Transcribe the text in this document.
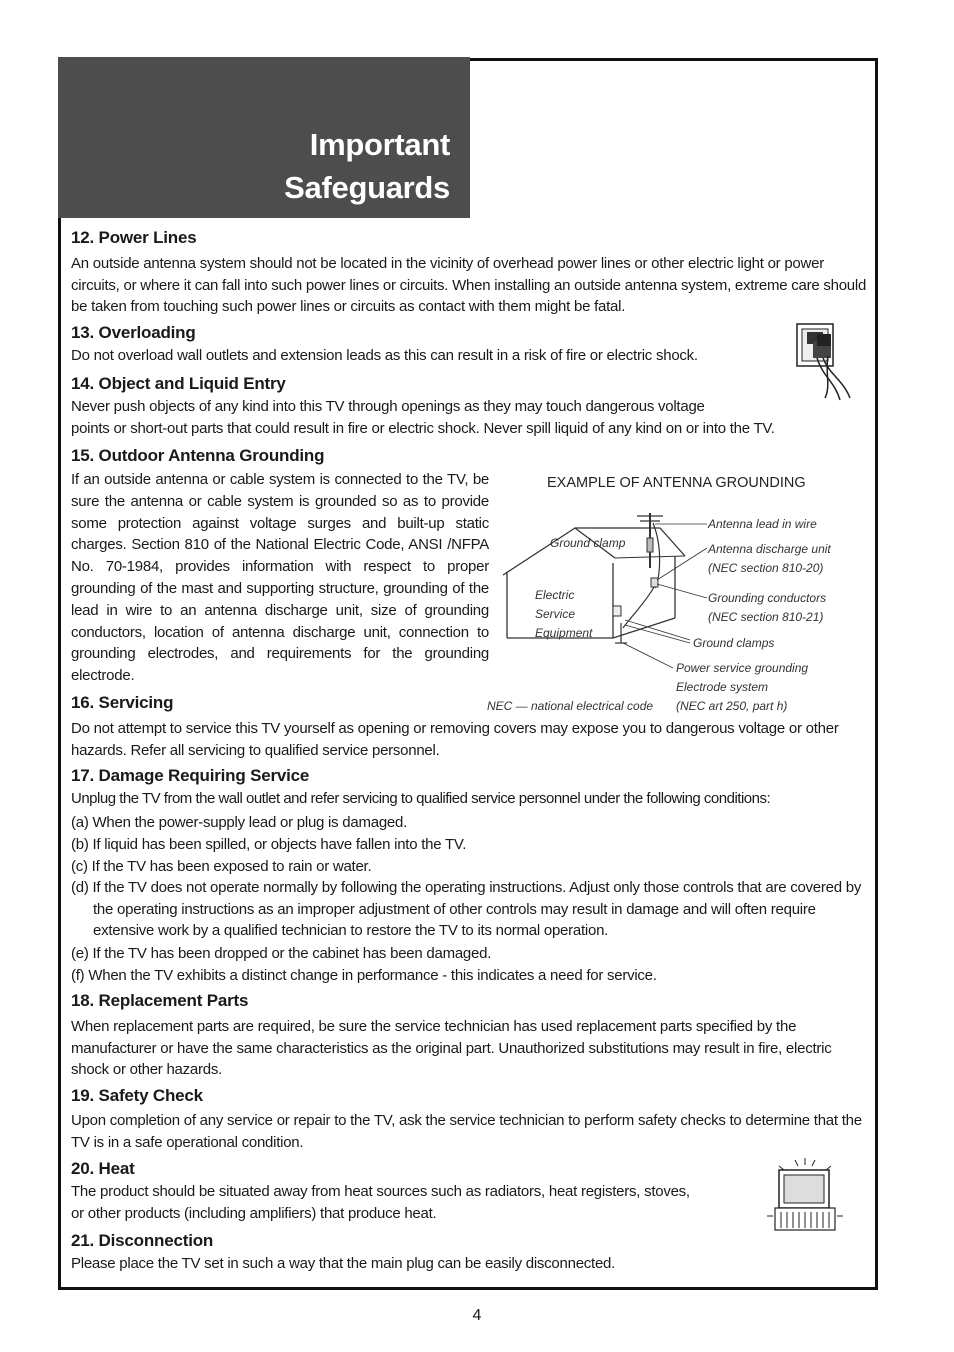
Important
Safeguards

12. Power Lines

An outside antenna system should not be located in the vicinity of overhead power lines or other electric light or power circuits, or where it can fall into such power lines or circuits. When installing an outside antenna system, extreme care should be taken from touching such power lines or circuits as contact with them might be fatal.

13. Overloading

Do not overload wall outlets and extension leads as this can result in a risk of fire or electric shock.

14. Object and Liquid Entry

Never push objects of any kind into this TV through openings as they may touch dangerous voltage

points or short-out parts that could result in fire or electric shock. Never spill liquid of any kind on or into the TV.

15. Outdoor Antenna Grounding

If an outside antenna or cable system is connected to the TV, be sure the antenna or cable system is grounded so as to provide some protection against voltage surges and built-up static charges. Section 810 of the National Electric Code, ANSI /NFPA No. 70-1984, provides information with respect to proper grounding of the mast and supporting structure, grounding of the lead in wire to an antenna discharge unit, size of grounding conductors, location of antenna discharge unit, connection to grounding electrodes, and requirements for the grounding electrode.

EXAMPLE OF ANTENNA GROUNDING
Antenna lead in wire
Antenna discharge unit
(NEC section 810-20)
Grounding conductors
(NEC section 810-21)
Ground clamps
Power service grounding
Electrode system
(NEC art 250, part h)
Ground clamp
Electric
Service
Equipment
NEC — national electrical code

16. Servicing

Do not attempt to service this TV yourself as opening or removing covers may expose you to dangerous voltage or other hazards. Refer all servicing to qualified service personnel.

17. Damage Requiring Service

Unplug the TV from the wall outlet and refer servicing to qualified service personnel under the following conditions:

(a) When the power-supply lead or plug is damaged.

(b) If liquid has been spilled, or objects have fallen into the TV.

(c) If the TV has been exposed to rain or water.

(d) If the TV does not operate normally by following the operating instructions. Adjust only those controls that are covered by the operating instructions as an improper adjustment of other controls may result in damage and will often require extensive work by a qualified technician to restore the TV to its normal operation.

(e) If the TV has been dropped or the cabinet has been damaged.

(f) When the TV exhibits a distinct change in performance - this indicates a need for service.

18. Replacement Parts

When replacement parts are required, be sure the service technician has used replacement parts specified by the manufacturer or have the same characteristics as the original part. Unauthorized substitutions may result in fire, electric shock or other hazards.

19. Safety Check

Upon completion of any service or repair to the TV, ask the service technician to perform safety checks to determine that the TV is in a safe operational condition.

20. Heat

The product should be situated away from heat sources such as radiators, heat registers, stoves,

or other products (including amplifiers) that produce heat.

21. Disconnection

Please place the TV set in such a way that the main plug can be easily disconnected.

4
